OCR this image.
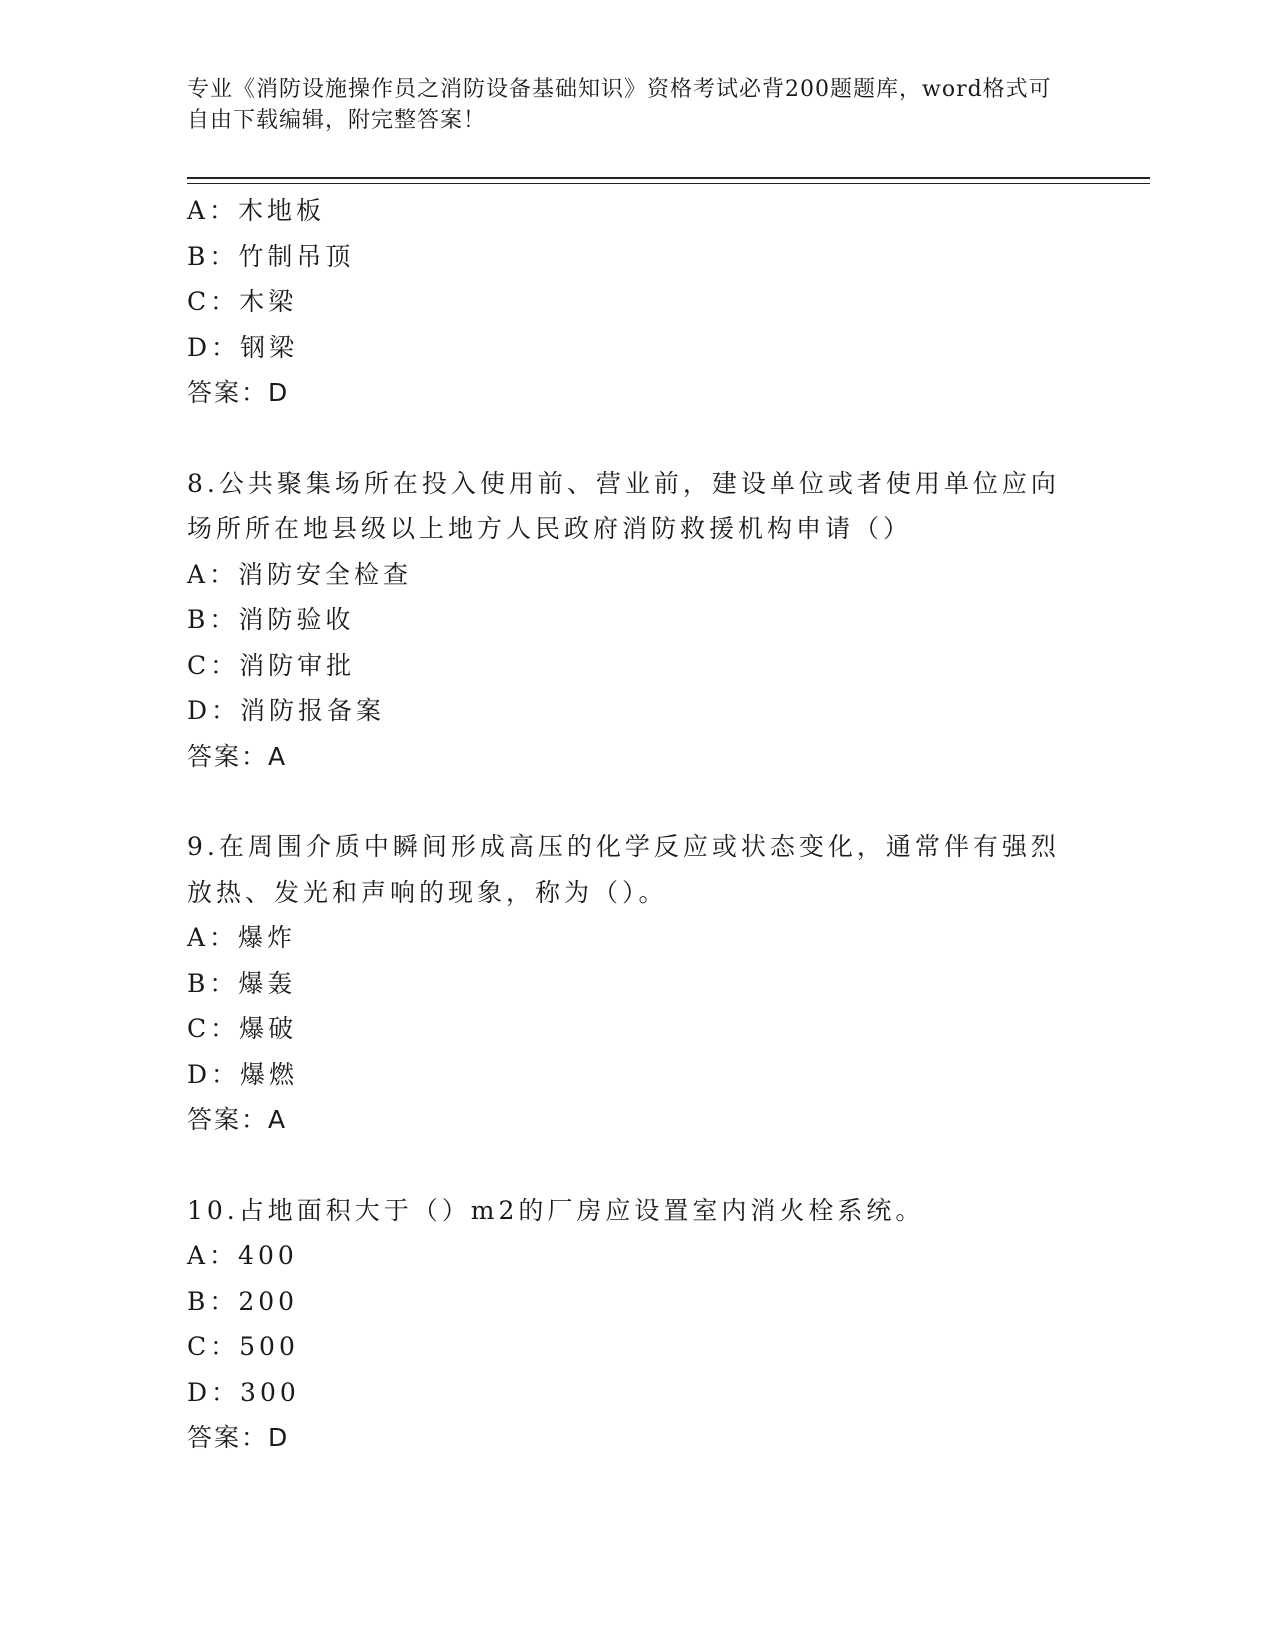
专业《消防设施操作员之消防设备基础知识》资格考试必背200题题库，word格式可自由下载编辑，附完整答案！
A：木地板
B：竹制吊顶
C：木梁
D：钢梁
答案：D
8.公共聚集场所在投入使用前、营业前，建设单位或者使用单位应向场所所在地县级以上地方人民政府消防救援机构申请（）
A：消防安全检查
B：消防验收
C：消防审批
D：消防报备案
答案：A
9.在周围介质中瞬间形成高压的化学反应或状态变化，通常伴有强烈放热、发光和声响的现象，称为（）。
A：爆炸
B：爆轰
C：爆破
D：爆燃
答案：A
10.占地面积大于（）m2的厂房应设置室内消火栓系统。
A：400
B：200
C：500
D：300
答案：D
